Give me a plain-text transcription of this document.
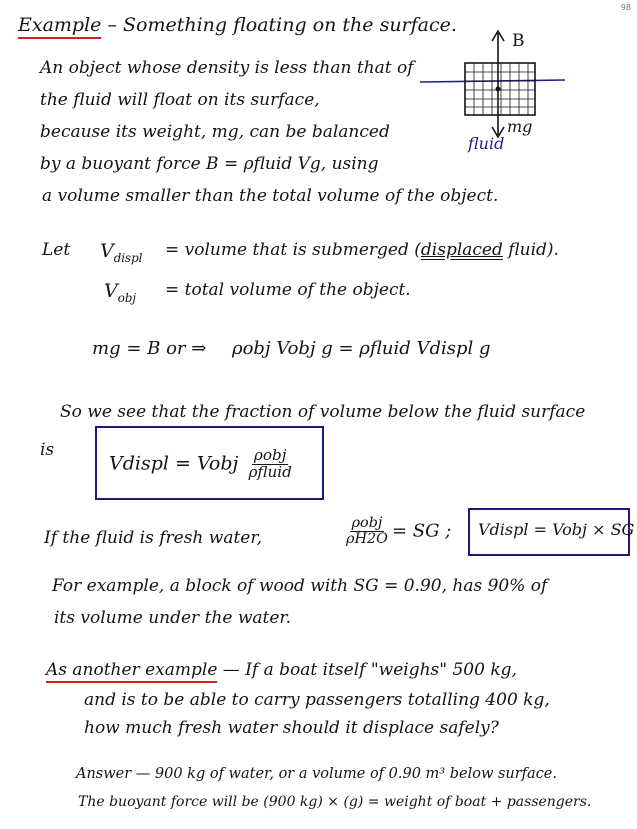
98
Example – Something floating on the surface.
An object whose density is less than that of
the fluid will float on its surface,
because its weight, mg, can be balanced
by a buoyant force B = ρfluid Vg, using
a volume smaller than the total volume of the object.
B
mg
fluid
Let $V_{displ}$ = volume that is submerged (displaced fluid).
$V_{obj}$ = total volume of the object.
mg = B or ⇒ ρobj Vobj g = ρfluid Vdispl g
So we see that the fraction of volume below the fluid surface
is
Vdispl = Vobj $\frac{\text{ρobj}}{\text{ρfluid}}$
If the fluid is fresh water,	$\frac{\text{ρobj}}{\rho H2O}$ = SG ; Vdispl = Vobj × SG
For example, a block of wood with SG = 0.90, has 90% of
its volume under the water.
As another example — If a boat itself "weighs" 500 kg,
and is to be able to carry passengers totalling 400 kg,
how much fresh water should it displace safely?
Answer — 900 kg of water, or a volume of 0.90 m³ below surface.
The buoyant force will be (900 kg) × (g) = weight of boat + passengers.
